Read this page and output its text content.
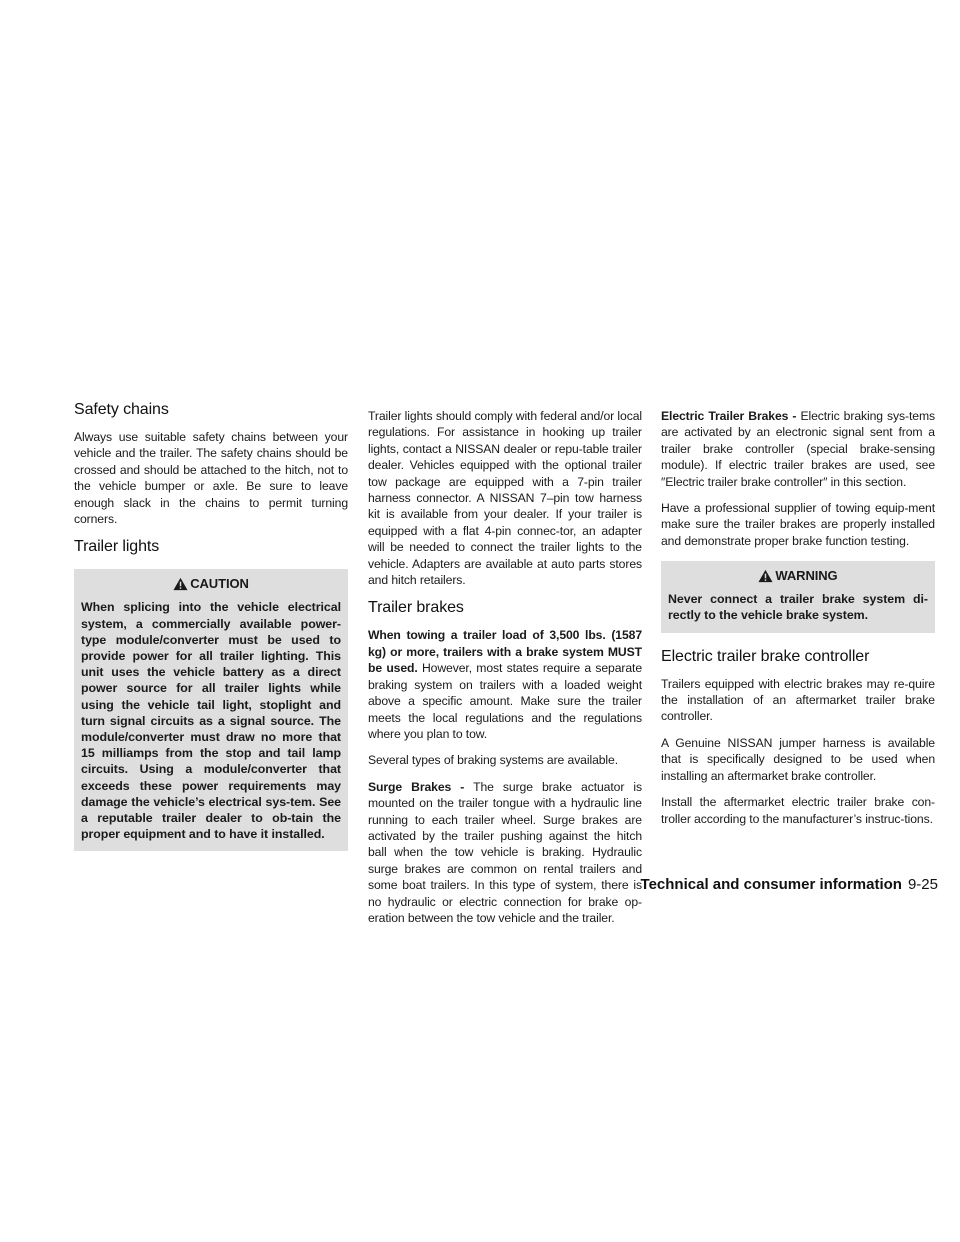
Safety chains

Always use suitable safety chains between your vehicle and the trailer. The safety chains should be crossed and should be attached to the hitch, not to the vehicle bumper or axle. Be sure to leave enough slack in the chains to permit turning corners.

Trailer lights
CAUTION
When splicing into the vehicle electrical system, a commercially available power-type module/converter must be used to provide power for all trailer lighting. This unit uses the vehicle battery as a direct power source for all trailer lights while using the vehicle tail light, stoplight and turn signal circuits as a signal source. The module/converter must draw no more that 15 milliamps from the stop and tail lamp circuits. Using a module/converter that exceeds these power requirements may damage the vehicle’s electrical sys-tem. See a reputable trailer dealer to ob-tain the proper equipment and to have it installed.

Trailer lights should comply with federal and/or local regulations. For assistance in hooking up trailer lights, contact a NISSAN dealer or repu-table trailer dealer. Vehicles equipped with the optional trailer tow package are equipped with a 7-pin trailer harness connector. A NISSAN 7–pin tow harness kit is available from your dealer. If your trailer is equipped with a flat 4-pin connec-tor, an adapter will be needed to connect the trailer lights to the vehicle. Adapters are available at auto parts stores and hitch retailers.

Trailer brakes

When towing a trailer load of 3,500 lbs. (1587 kg) or more, trailers with a brake system MUST be used. However, most states require a separate braking system on trailers with a loaded weight above a specific amount. Make sure the trailer meets the local regulations and the regulations where you plan to tow.

Several types of braking systems are available.

Surge Brakes - The surge brake actuator is mounted on the trailer tongue with a hydraulic line running to each trailer wheel. Surge brakes are activated by the trailer pushing against the hitch ball when the tow vehicle is braking. Hydraulic surge brakes are common on rental trailers and some boat trailers. In this type of system, there is no hydraulic or electric connection for brake op-eration between the tow vehicle and the trailer.

Electric Trailer Brakes - Electric braking sys-tems are activated by an electronic signal sent from a trailer brake controller (special brake-sensing module). If electric trailer brakes are used, see ″Electric trailer brake controller″ in this section.

Have a professional supplier of towing equip-ment make sure the trailer brakes are properly installed and demonstrate proper brake function testing.

WARNING
Never connect a trailer brake system di-rectly to the vehicle brake system.
Electric trailer brake controller

Trailers equipped with electric brakes may re-quire the installation of an aftermarket trailer brake controller.

A Genuine NISSAN jumper harness is available that is specifically designed to be used when installing an aftermarket brake controller.

Install the aftermarket electric trailer brake con-troller according to the manufacturer’s instruc-tions.

Technical and consumer information 9-25
